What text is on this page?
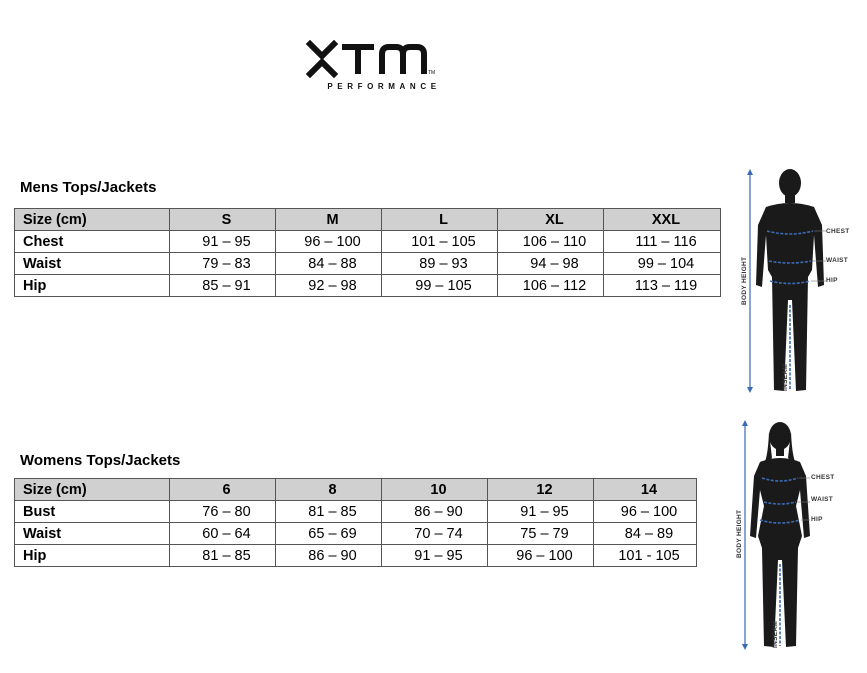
TM
PERFORMANCE
Mens Tops/Jackets
Size (cm)	S	M	L	XL	XXL
Chest	91 – 95	96 – 100	101 – 105	106 – 110	111 – 116
Waist	79 – 83	84 – 88	89 – 93	94 – 98	99 – 104
Hip	85 – 91	92 – 98	99 – 105	106 – 112	113 – 119
Womens Tops/Jackets
Size (cm)	6	8	10	12	14
Bust	76 – 80	81 – 85	86 – 90	91 – 95	96 – 100
Waist	60 – 64	65 – 69	70 – 74	75 – 79	84 – 89
Hip	81 – 85	86 – 90	91 – 95	96 – 100	101 - 105
CHEST
WAIST
HIP
BODY HEIGHT
INSEAM
CHEST
WAIST
HIP
BODY HEIGHT
INSEAM
